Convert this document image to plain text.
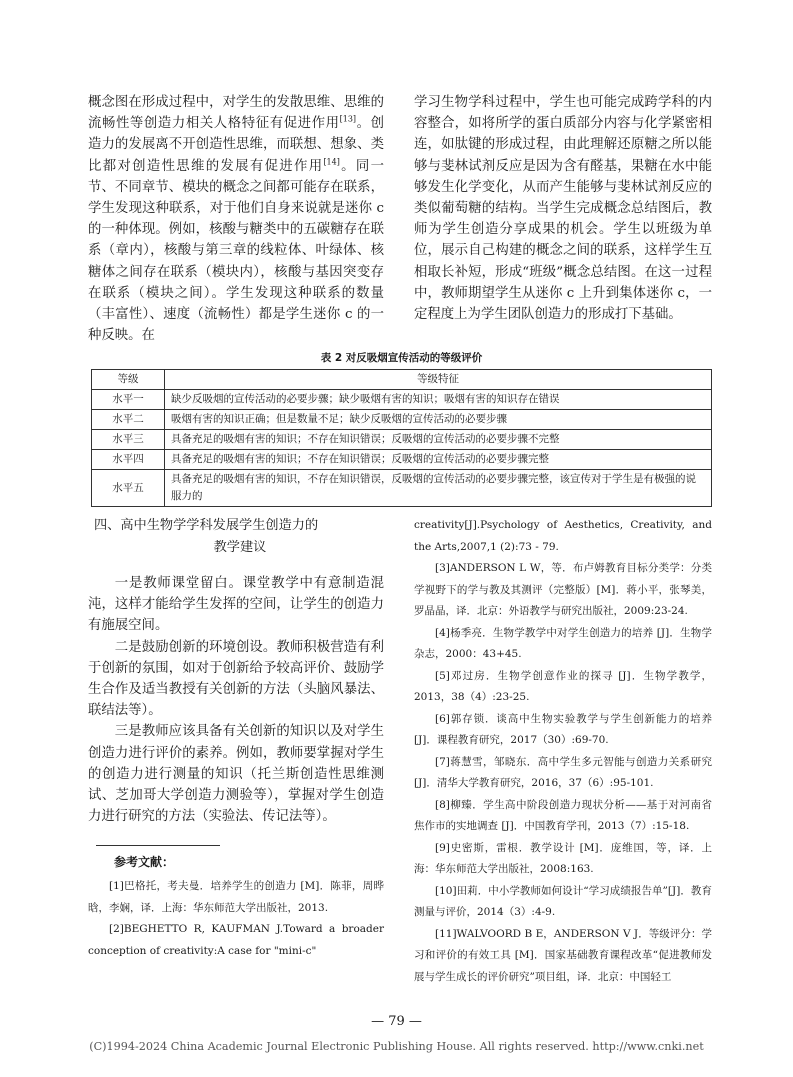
概念图在形成过程中，对学生的发散思维、思维的流畅性等创造力相关人格特征有促进作用[13]。创造力的发展离不开创造性思维，而联想、想象、类比都对创造性思维的发展有促进作用[14]。同一节、不同章节、模块的概念之间都可能存在联系，学生发现这种联系，对于他们自身来说就是迷你 c 的一种体现。例如，核酸与糖类中的五碳糖存在联系（章内），核酸与第三章的线粒体、叶绿体、核糖体之间存在联系（模块内），核酸与基因突变存在联系（模块之间）。学生发现这种联系的数量（丰富性）、速度（流畅性）都是学生迷你 c 的一种反映。在

学习生物学科过程中，学生也可能完成跨学科的内容整合，如将所学的蛋白质部分内容与化学紧密相连，如肽键的形成过程，由此理解还原糖之所以能够与斐林试剂反应是因为含有醛基，果糖在水中能够发生化学变化，从而产生能够与斐林试剂反应的类似葡萄糖的结构。当学生完成概念总结图后，教师为学生创造分享成果的机会。学生以班级为单位，展示自己构建的概念之间的联系，这样学生互相取长补短，形成“班级”概念总结图。在这一过程中，教师期望学生从迷你 c 上升到集体迷你 c，一定程度上为学生团队创造力的形成打下基础。

表 2 对反吸烟宣传活动的等级评价

等级	等级特征
水平一	缺少反吸烟的宣传活动的必要步骤；缺少吸烟有害的知识；吸烟有害的知识存在错误
水平二	吸烟有害的知识正确；但是数量不足；缺少反吸烟的宣传活动的必要步骤
水平三	具备充足的吸烟有害的知识；不存在知识错误；反吸烟的宣传活动的必要步骤不完整
水平四	具备充足的吸烟有害的知识；不存在知识错误；反吸烟的宣传活动的必要步骤完整
水平五	具备充足的吸烟有害的知识，不存在知识错误，反吸烟的宣传活动的必要步骤完整，该宣传对于学生是有极强的说服力的

四、高中生物学学科发展学生创造力的

教学建议

一是教师课堂留白。课堂教学中有意制造混沌，这样才能给学生发挥的空间，让学生的创造力有施展空间。

二是鼓励创新的环境创设。教师积极营造有利于创新的氛围，如对于创新给予较高评价、鼓励学生合作及适当教授有关创新的方法（头脑风暴法、联结法等）。

三是教师应该具备有关创新的知识以及对学生创造力进行评价的素养。例如，教师要掌握对学生的创造力进行测量的知识（托兰斯创造性思维测试、芝加哥大学创造力测验等），掌握对学生创造力进行研究的方法（实验法、传记法等）。

参考文献：

[1]巴格托，考夫曼．培养学生的创造力 [M]．陈菲，周晔晗，李娴，译．上海：华东师范大学出版社，2013.

[2]BEGHETTO R, KAUFMAN J.Toward a broader conception of creativity:A case for "mini-c"

creativity[J].Psychology of Aesthetics, Creativity, and the Arts,2007,1 (2):73 - 79.

[3]ANDERSON L W，等．布卢姆教育目标分类学：分类学视野下的学与教及其测评（完整版）[M]．蒋小平，张琴美，罗晶晶，译．北京：外语教学与研究出版社，2009:23-24.

[4]杨季亮．生物学教学中对学生创造力的培养 [J]．生物学杂志，2000：43+45.

[5]邓过房．生物学创意作业的探寻 [J]．生物学教学，2013，38（4）:23-25.

[6]郭存锁．谈高中生物实验教学与学生创新能力的培养 [J]．课程教育研究，2017（30）:69-70.

[7]蒋慧雪，邹晓东．高中学生多元智能与创造力关系研究 [J]．清华大学教育研究，2016，37（6）:95-101.

[8]柳臻．学生高中阶段创造力现状分析——基于对河南省焦作市的实地调查 [J]．中国教育学刊，2013（7）:15-18.

[9]史密斯，雷根．教学设计 [M]．庞维国，等，译．上海：华东师范大学出版社，2008:163.

[10]田莉．中小学教师如何设计“学习成绩报告单”[J]．教育测量与评价，2014（3）:4-9.

[11]WALVOORD B E，ANDERSON V J．等级评分：学习和评价的有效工具 [M]．国家基础教育课程改革“促进教师发展与学生成长的评价研究”项目组，译．北京：中国轻工

— 79 —
(C)1994-2024 China Academic Journal Electronic Publishing House. All rights reserved. http://www.cnki.net
